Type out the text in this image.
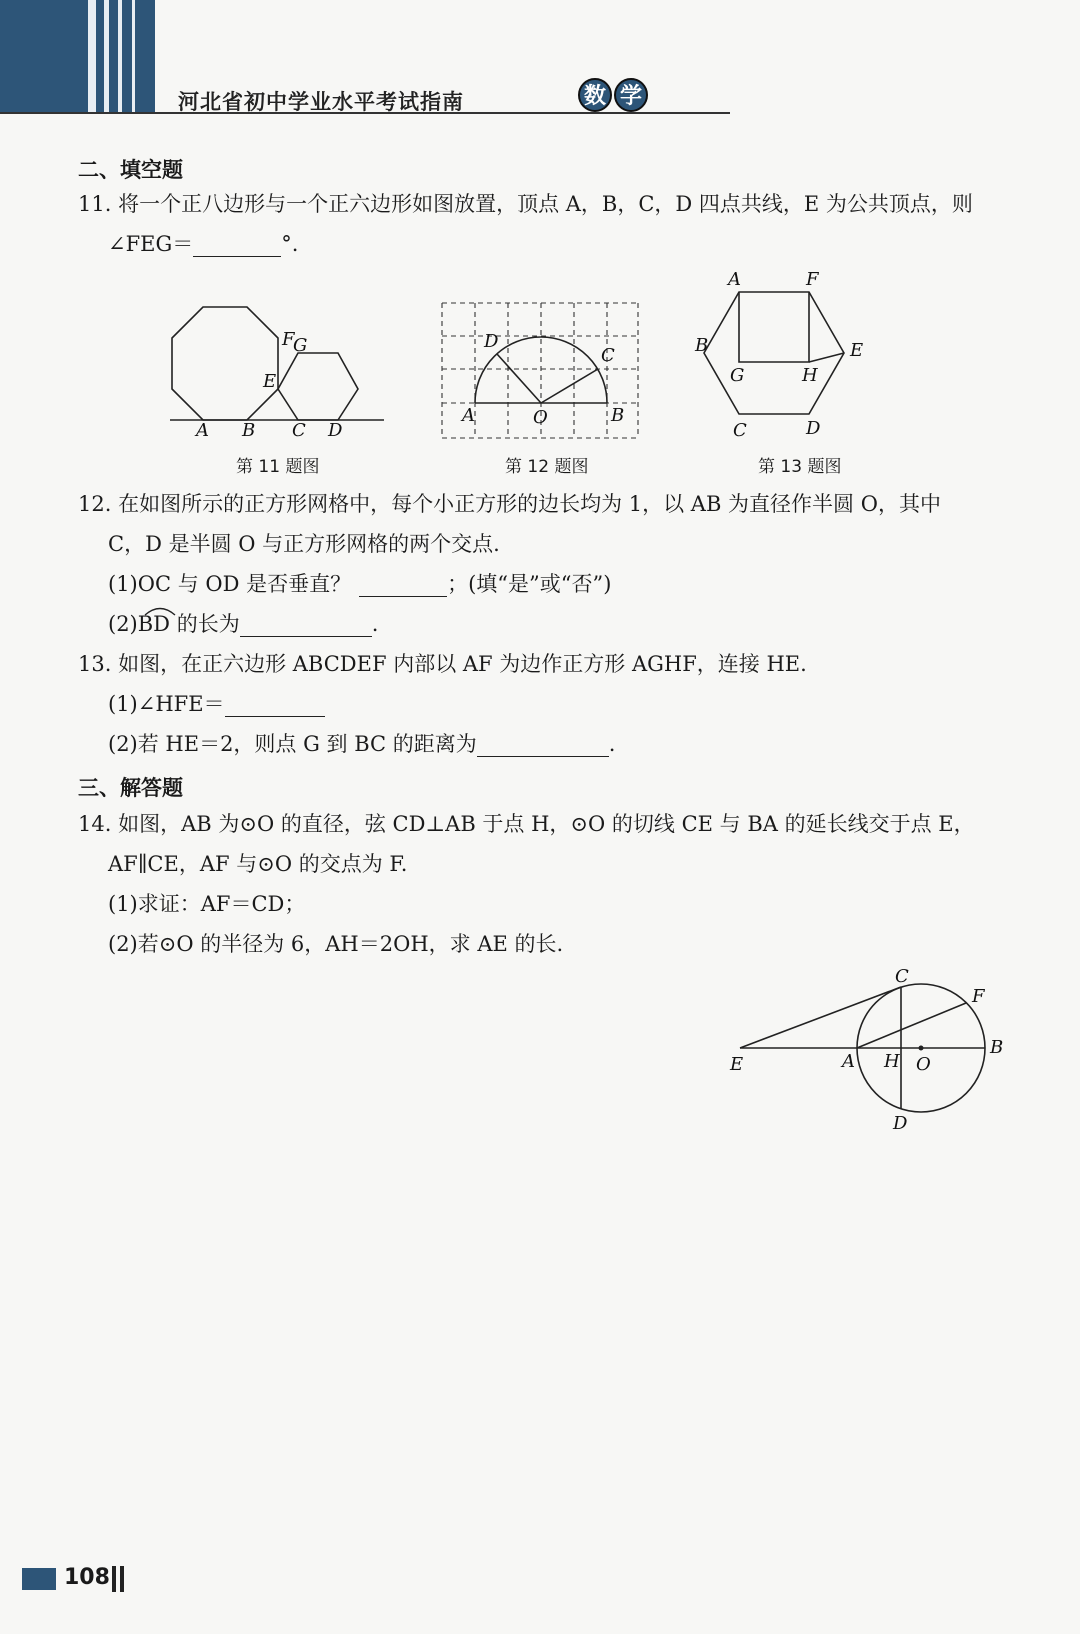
河北省初中学业水平考试指南	数 学
二、填空题
11. 将一个正八边形与一个正六边形如图放置，顶点 A，B，C，D 四点共线，E 为公共顶点，则
∠FEG＝	°.
A B C D
E
F
G
第 11 题图
A	O	B
C
D
第 12 题图
A	F
B	E
G	H
C	D
第 13 题图
12. 在如图所示的正方形网格中，每个小正方形的边长均为 1，以 AB 为直径作半圆 O，其中
C，D 是半圆 O 与正方形网格的两个交点.
(1)OC 与 OD 是否垂直？	；(填“是”或“否”)
(2)BD 的长为	.
13. 如图，在正六边形 ABCDEF 内部以 AF 为边作正方形 AGHF，连接 HE.
(1)∠HFE＝
(2)若 HE＝2，则点 G 到 BC 的距离为	.
三、解答题
14. 如图，AB 为⊙O 的直径，弦 CD⊥AB 于点 H，⊙O 的切线 CE 与 BA 的延长线交于点 E，
AF∥CE，AF 与⊙O 的交点为 F.
(1)求证：AF＝CD；
(2)若⊙O 的半径为 6，AH＝2OH，求 AE 的长.
C
F
E	A H O
B
D
108
